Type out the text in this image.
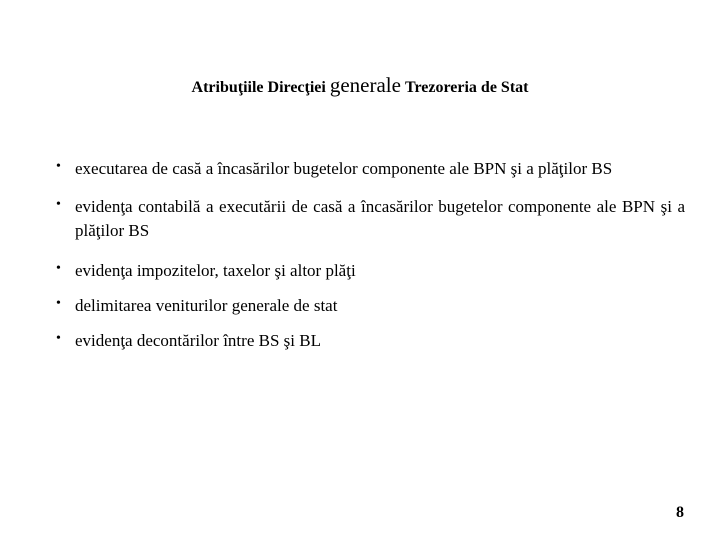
Atribuţiile Direcţiei generale Trezoreria de Stat
• executarea de casă a încasărilor bugetelor componente ale BPN şi a plăţilor BS
• evidenţa contabilă a executării de casă a încasărilor bugetelor componente ale BPN şi a plăţilor BS
• evidenţa impozitelor, taxelor şi altor plăţi
• delimitarea veniturilor generale de stat
• evidenţa decontărilor între BS şi BL
8
